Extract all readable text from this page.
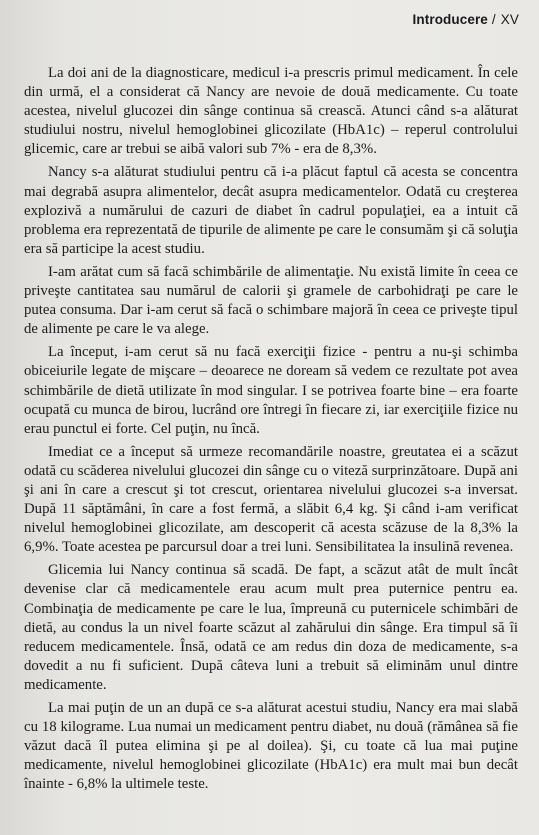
Introducere / XV

La doi ani de la diagnosticare, medicul i-a prescris primul medicament. În cele din urmă, el a considerat că Nancy are nevoie de două medicamente. Cu toate acestea, nivelul glucozei din sânge continua să crească. Atunci când s-a alăturat studiului nostru, nivelul hemoglobinei glicozilate (HbA1c) – reperul controlului glicemic, care ar trebui se aibă valori sub 7% - era de 8,3%.

Nancy s-a alăturat studiului pentru că i-a plăcut faptul că acesta se concentra mai degrabă asupra alimentelor, decât asupra medicamentelor. Odată cu creşterea explozivă a numărului de cazuri de diabet în cadrul populaţiei, ea a intuit că problema era reprezentată de tipurile de alimente pe care le consumăm şi că soluţia era să participe la acest studiu.

I-am arătat cum să facă schimbările de alimentaţie. Nu există limite în ceea ce priveşte cantitatea sau numărul de calorii şi gramele de carbohidraţi pe care le putea consuma. Dar i-am cerut să facă o schimbare majoră în ceea ce priveşte tipul de alimente pe care le va alege.

La început, i-am cerut să nu facă exerciţii fizice - pentru a nu-şi schimba obiceiurile legate de mişcare – deoarece ne doream să vedem ce rezultate pot avea schimbările de dietă utilizate în mod singular. I se potrivea foarte bine – era foarte ocupată cu munca de birou, lucrând ore întregi în fiecare zi, iar exerciţiile fizice nu erau punctul ei forte. Cel puţin, nu încă.

Imediat ce a început să urmeze recomandările noastre, greutatea ei a scăzut odată cu scăderea nivelului glucozei din sânge cu o viteză surprinzătoare. După ani şi ani în care a crescut şi tot crescut, orientarea nivelului glucozei s-a inversat. După 11 săptămâni, în care a fost fermă, a slăbit 6,4 kg. Şi când i-am verificat nivelul hemoglobinei glicozilate, am descoperit că acesta scăzuse de la 8,3% la 6,9%. Toate acestea pe parcursul doar a trei luni. Sensibilitatea la insulină revenea.

Glicemia lui Nancy continua să scadă. De fapt, a scăzut atât de mult încât devenise clar că medicamentele erau acum mult prea puternice pentru ea. Combinaţia de medicamente pe care le lua, împreună cu puternicele schimbări de dietă, au condus la un nivel foarte scăzut al zahărului din sânge. Era timpul să îi reducem medicamentele. Însă, odată ce am redus din doza de medicamente, s-a dovedit a nu fi suficient. După câteva luni a trebuit să eliminăm unul dintre medicamente.

La mai puţin de un an după ce s-a alăturat acestui studiu, Nancy era mai slabă cu 18 kilograme. Lua numai un medicament pentru diabet, nu două (rămânea să fie văzut dacă îl putea elimina şi pe al doilea). Şi, cu toate că lua mai puţine medicamente, nivelul hemoglobinei glicozilate (HbA1c) era mult mai bun decât înainte - 6,8% la ultimele teste.
